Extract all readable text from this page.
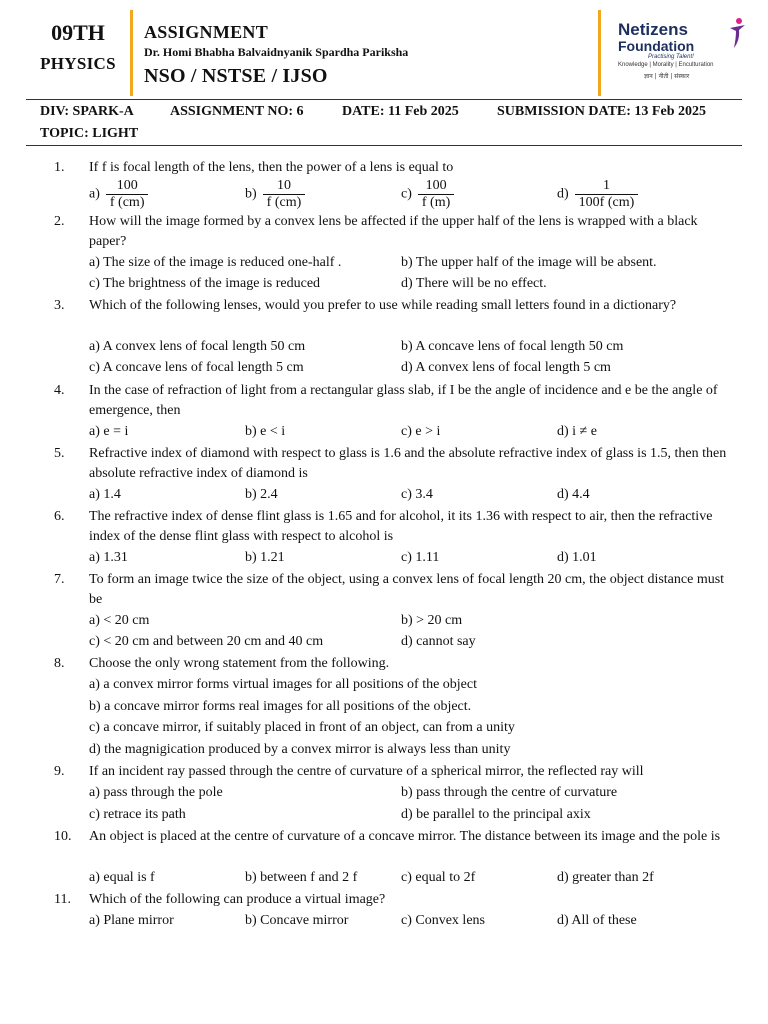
09TH
PHYSICS
ASSIGNMENT
Dr. Homi Bhabha Balvaidnyanik Spardha Pariksha
NSO / NSTSE / IJSO
Netizens
Foundation
Practising Talent!
Knowledge | Morality | Enculturation
ज्ञान | नीती | संस्कार
DIV: SPARK-A	ASSIGNMENT NO: 6	DATE: 11 Feb 2025	SUBMISSION DATE: 13 Feb 2025
TOPIC: LIGHT
1. If f is focal length of the lens, then the power of a lens is equal to
$a) \frac{100}{f (cm)}$	$b) \frac{10}{f (cm)}$	$c) \frac{100}{f (m)}$	$d) \frac{1}{100f (cm)}$
2. How will the image formed by a convex lens be affected if the upper half of the lens is wrapped with a black paper?
a) The size of the image is reduced one-half .	b) The upper half of the image will be absent.
c) The brightness of the image is reduced	d) There will be no effect.
3. Which of the following lenses, would you prefer to use while reading small letters found in a dictionary?
a) A convex lens of focal length 50 cm	b) A concave lens of focal length 50 cm
c) A concave lens of focal length 5 cm	d) A convex lens of focal length 5 cm
4. In the case of refraction of light from a rectangular glass slab, if I be the angle of incidence and e be the angle of emergence, then
a) e = i	b) e < i	c) e > i	d) i ≠ e
5. Refractive index of diamond with respect to glass is 1.6 and the absolute refractive index of glass is 1.5, then then absolute refractive index of diamond is
a) 1.4	b) 2.4	c) 3.4	d) 4.4
6. The refractive index of dense flint glass is 1.65 and for alcohol, it its 1.36 with respect to air, then the refractive index of the dense flint glass with respect to alcohol is
a) 1.31	b) 1.21	c) 1.11	d) 1.01
7. To form an image twice the size of the object, using a convex lens of focal length 20 cm, the object distance must be
a) < 20 cm	b) > 20 cm
c) < 20 cm and between 20 cm and 40 cm	d) cannot say
8. Choose the only wrong statement from the following.
a) a convex mirror forms virtual images for all positions of the object
b) a concave mirror forms real images for all positions of the object.
c) a concave mirror, if suitably placed in front of an object, can from a unity
d) the magnigication produced by a convex mirror is always less than unity
9. If an incident ray passed through the centre of curvature of a spherical mirror, the reflected ray will
a) pass through the pole	b) pass through the centre of curvature
c) retrace its path	d) be parallel to the principal axix
10. An object is placed at the centre of curvature of a concave mirror. The distance between its image and the pole is
a) equal is f	b) between f and 2 f	c) equal to 2f	d) greater than 2f
11. Which of the following can produce a virtual image?
a) Plane mirror	b) Concave mirror	c) Convex lens	d) All of these
